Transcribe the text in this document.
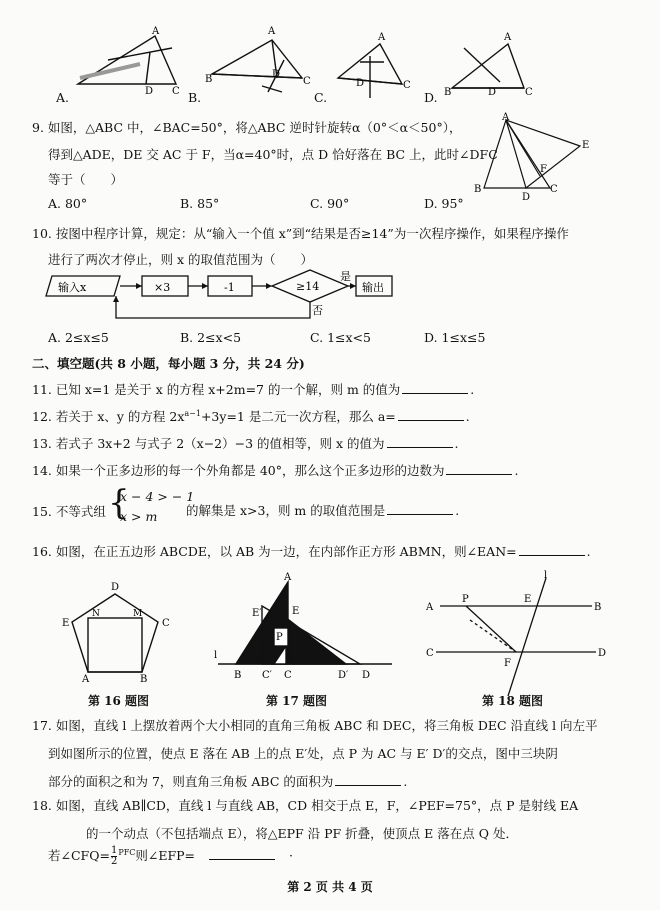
A
D C
A
B	D
C
A
D	C
A
B	D	C
A.	B.	C.	D.
9. 如图，△ABC 中，∠BAC=50°，将△ABC 逆时针旋转α（0°＜α＜50°），
得到△ADE，DE 交 AC 于 F，当α=40°时，点 D 恰好落在 BC 上，此时∠DFC
等于（　　）
A
B
D
C
E
F
A. 80°	B. 85°	C. 90°	D. 95°
10. 按图中程序计算，规定：从“输入一个值 x”到“结果是否≥14”为一次程序操作，如果程序操作
进行了两次才停止，则 x 的取值范围为（　　）
输入x	×3	-1	≥14	输出
是
否
A. 2≤x≤5	B. 2≤x<5	C. 1≤x<5	D. 1≤x≤5
二、填空题(共 8 小题，每小题 3 分，共 24 分)
11. 已知 x=1 是关于 x 的方程 x+2m=7 的一个解，则 m 的值为	.
12. 若关于 x、y 的方程 $2x^{a-1}+3y=1$ 是二元一次方程，那么 a=	.
13. 若式子 3x+2 与式子 2（x−2）−3 的值相等，则 x 的值为	.
14. 如果一个正多边形的每一个外角都是 40°，那么这个正多边形的边数为	.
15. 不等式组 {
x − 4 > − 1
x > m 的解集是 x>3，则 m 的取值范围是	.
16. 如图，在正五边形 ABCDE，以 AB 为一边，在内部作正方形 ABMN，则∠EAN=	.
D
E	C
N	M
A	B
A
E′	E
P
l
B C′ C	D′ D
l
A
P	E
B
C
F
D
第 16 题图	第 17 题图	第 18 题图
17. 如图，直线 l 上摆放着两个大小相同的直角三角板 ABC 和 DEC，将三角板 DEC 沿直线 l 向左平
到如图所示的位置，使点 E 落在 AB 上的点 E′处，点 P 为 AC 与 E′ D′的交点，图中三块阴
部分的面积之和为 7，则直角三角板 ABC 的面积为	.
18. 如图，直线 AB∥CD，直线 l 与直线 AB，CD 相交于点 E，F，∠PEF=75°，点 P 是射线 EA
的一个动点（不包括端点 E），将△EPF 沿 PF 折叠，使顶点 E 落在点 Q 处．
若∠CFQ= $\frac{1}{2} ^{PFC}$则∠EFP=	·
第 2 页 共 4 页
